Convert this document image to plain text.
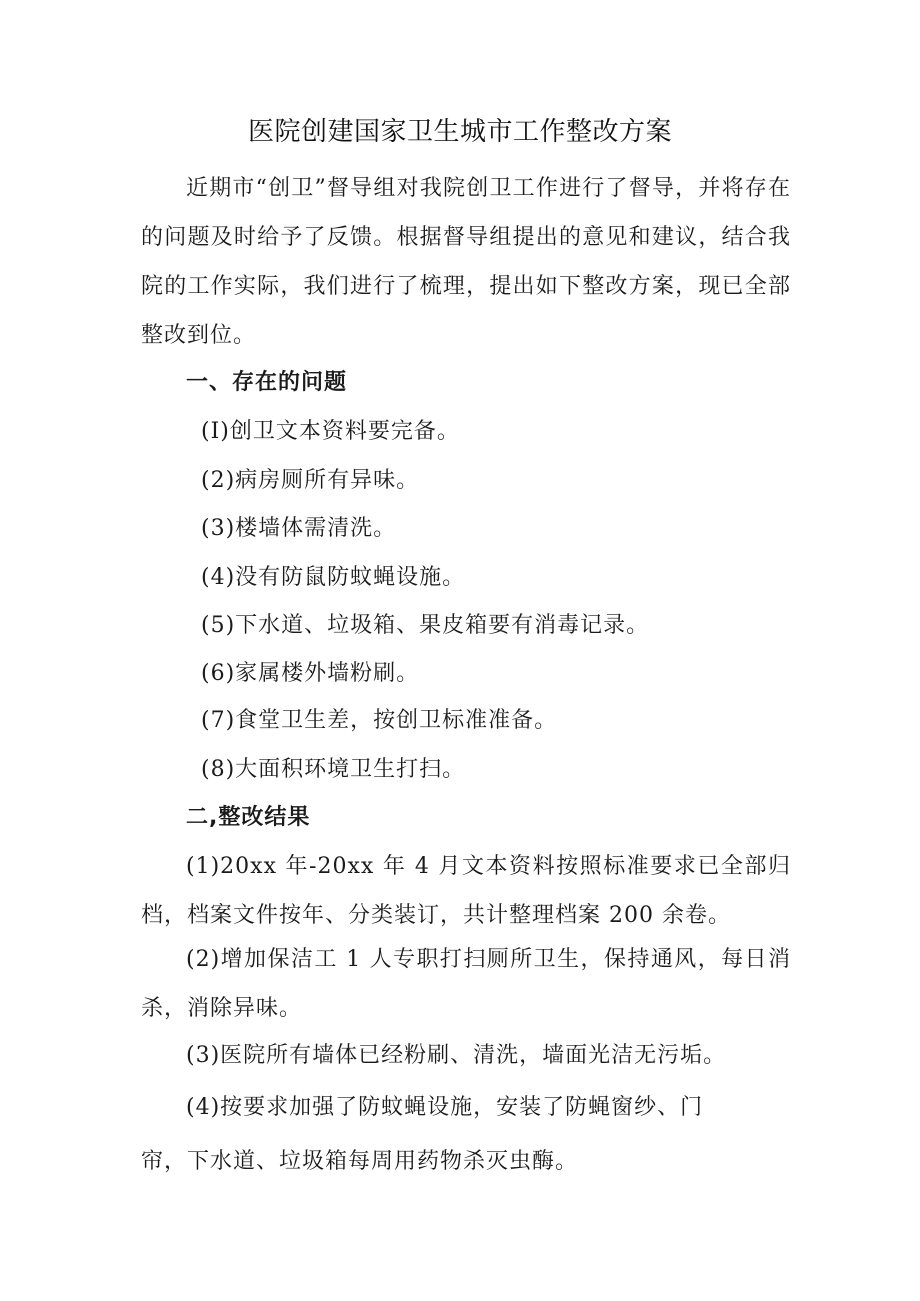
医院创建国家卫生城市工作整改方案
近期市“创卫”督导组对我院创卫工作进行了督导，并将存在的问题及时给予了反馈。根据督导组提出的意见和建议，结合我院的工作实际，我们进行了梳理，提出如下整改方案，现已全部整改到位。
一、存在的问题
(I)创卫文本资料要完备。
(2)病房厕所有异味。
(3)楼墙体需清洗。
(4)没有防鼠防蚊蝇设施。
(5)下水道、垃圾箱、果皮箱要有消毒记录。
(6)家属楼外墙粉刷。
(7)食堂卫生差，按创卫标准准备。
(8)大面积环境卫生打扫。
二,整改结果
(1)20xx 年-20xx 年 4 月文本资料按照标准要求已全部归档，档案文件按年、分类装订，共计整理档案 200 余卷。
(2)增加保洁工 1 人专职打扫厕所卫生，保持通风，每日消杀，消除异味。
(3)医院所有墙体已经粉刷、清洗，墙面光洁无污垢。
(4)按要求加强了防蚊蝇设施，安装了防蝇窗纱、门
帘，下水道、垃圾箱每周用药物杀灭虫酶。
